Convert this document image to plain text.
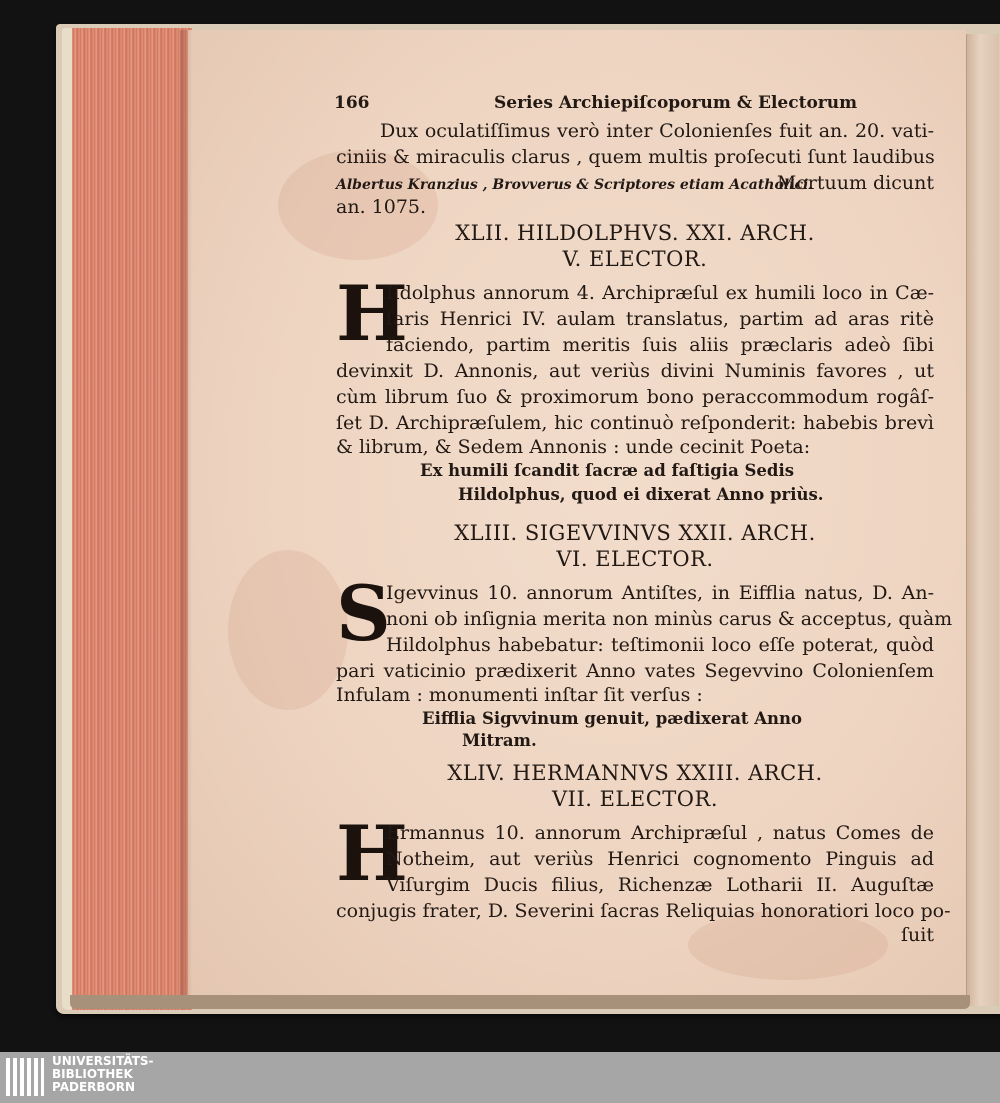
166	Series Archiepiſcoporum & Electorum
Dux oculatiſſimus verò inter Colonienſes fuit an. 20. vati-
ciniis & miraculis clarus , quem multis proſecuti ſunt laudibus
Albertus Kranzius , Brovverus & Scriptores etiam Acatholici.
Mortuum dicunt
an. 1075.
XLII. HILDOLPHVS. XXI. ARCH.
V. ELECTOR.
H
Ildolphus annorum 4. Archipræſul ex humili loco in Cæ-
ſaris Henrici IV. aulam translatus, partim ad aras ritè
faciendo, partim meritis ſuis aliis præclaris adeò ſibi
devinxit D. Annonis, aut veriùs divini Numinis favores , ut
cùm librum ſuo & proximorum bono peraccommodum rogâſ-
ſet D. Archipræſulem, hic continuò reſponderit: habebis brevì
& librum, & Sedem Annonis : unde cecinit Poeta:
Ex humili ſcandit ſacræ ad faſtigia Sedis
Hildolphus, quod ei dixerat Anno priùs.
XLIII. SIGEVVINVS XXII. ARCH.
VI. ELECTOR.
S
Igevvinus 10. annorum Antiſtes, in Eifflia natus, D. An-
noni ob inſignia merita non minùs carus & acceptus, quàm
Hildolphus habebatur: teſtimonii loco eſſe poterat, quòd
pari vaticinio prædixerit Anno vates Segevvino Colonienſem
Infulam : monumenti inſtar ſit verſus :
Eifflia Sigvvinum genuit, pædixerat Anno
Mitram.
XLIV. HERMANNVS XXIII. ARCH.
VII. ELECTOR.
H
Ermannus 10. annorum Archipræſul , natus Comes de
Notheim, aut veriùs Henrici cognomento Pinguis ad
Viſurgim Ducis filius, Richenzæ Lotharii II. Auguſtæ
conjugis frater, D. Severini ſacras Reliquias honoratiori loco po-
ſuit
UNIVERSITÄTS-
BIBLIOTHEK
PADERBORN
